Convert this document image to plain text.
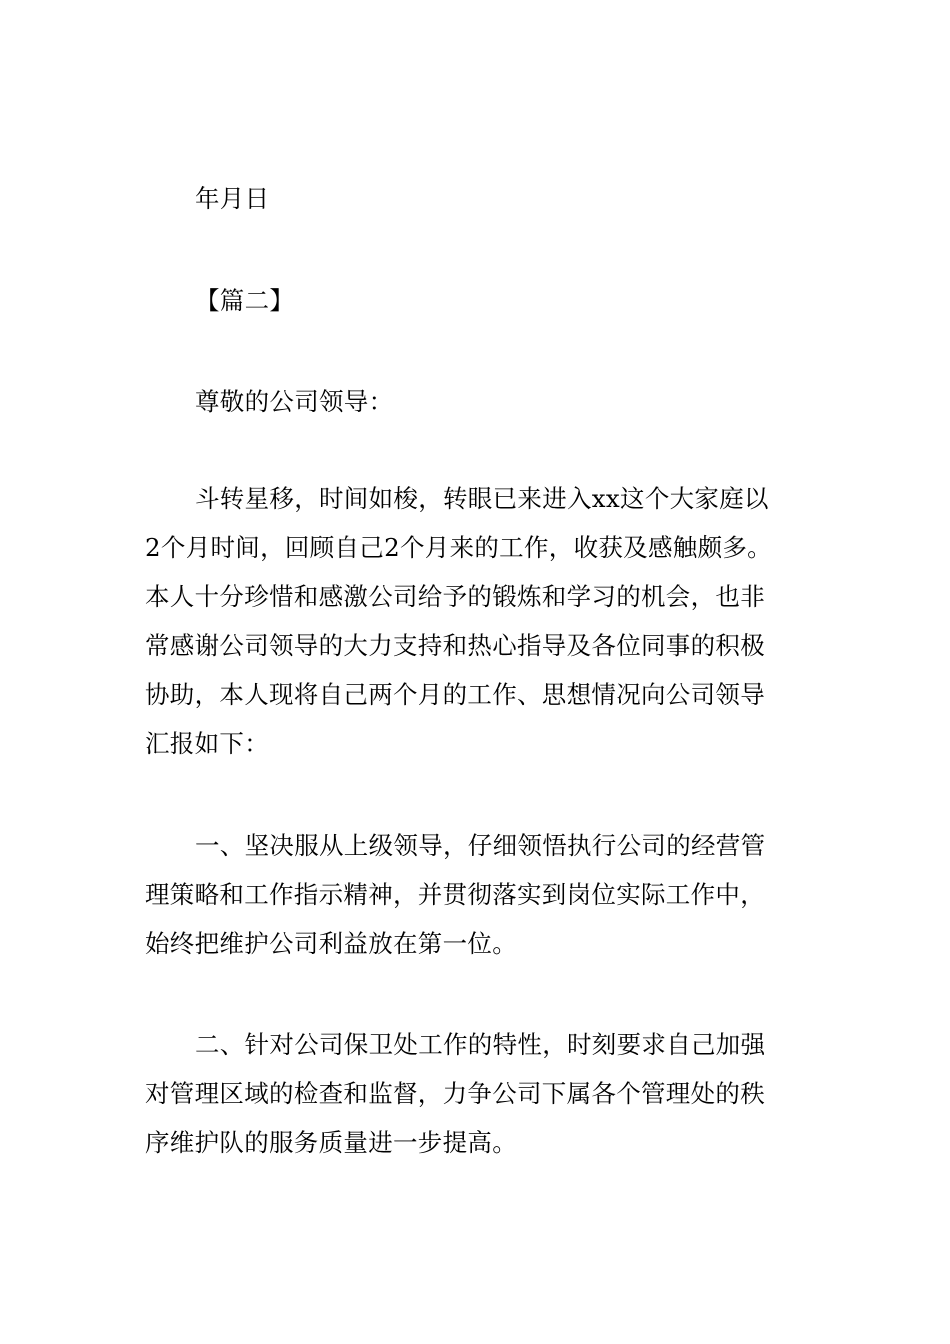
年月日

【篇二】

尊敬的公司领导：

斗转星移，时间如梭，转眼已来进入xx这个大家庭以
2个月时间，回顾自己2个月来的工作，收获及感触颇多。
本人十分珍惜和感激公司给予的锻炼和学习的机会，也非
常感谢公司领导的大力支持和热心指导及各位同事的积极
协助，本人现将自己两个月的工作、思想情况向公司领导
汇报如下：
一、坚决服从上级领导，仔细领悟执行公司的经营管
理策略和工作指示精神，并贯彻落实到岗位实际工作中，
始终把维护公司利益放在第一位。
二、针对公司保卫处工作的特性，时刻要求自己加强
对管理区域的检查和监督，力争公司下属各个管理处的秩
序维护队的服务质量进一步提高。
